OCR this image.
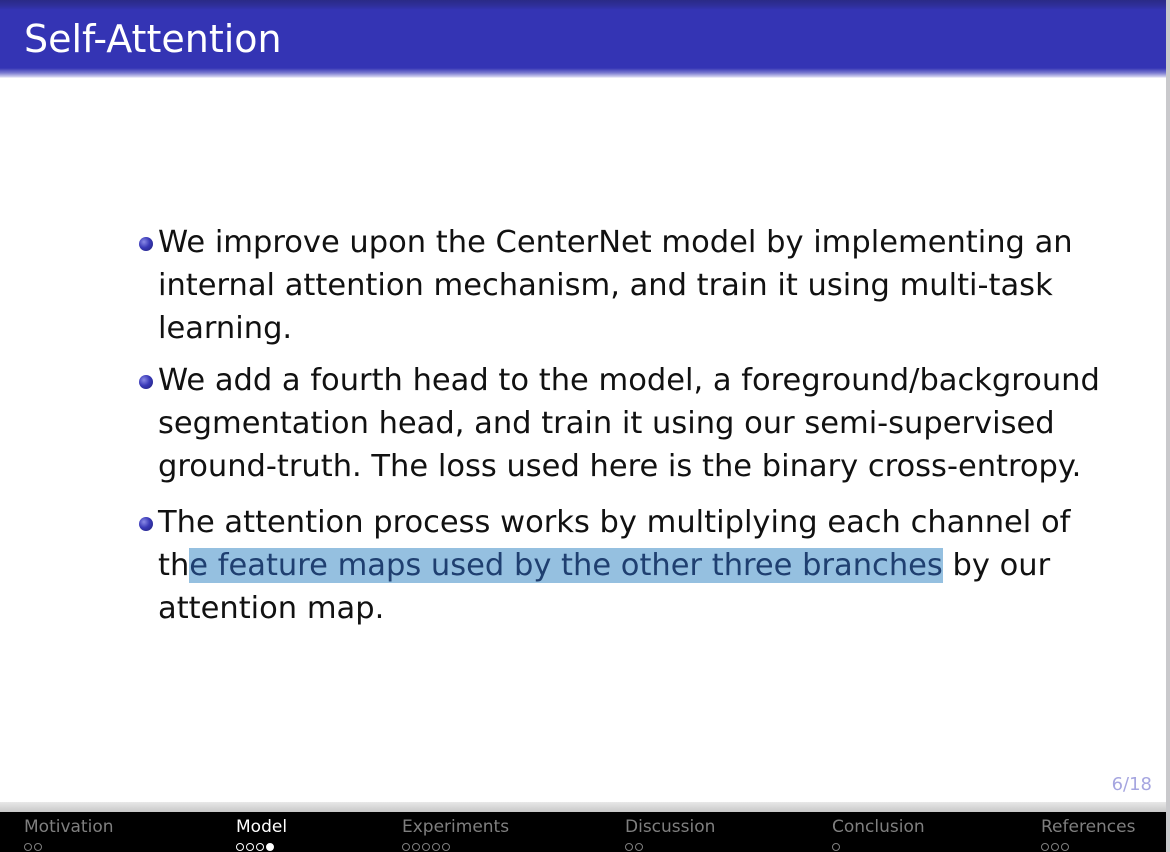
Self-Attention
We improve upon the CenterNet model by implementing an
internal attention mechanism, and train it using multi-task
learning.
We add a fourth head to the model, a foreground/background
segmentation head, and train it using our semi-supervised
ground-truth. The loss used here is the binary cross-entropy.
The attention process works by multiplying each channel of
the feature maps used by the other three branches by our
attention map.
6/18
Motivation	Model	Experiments	Discussion	Conclusion	References
